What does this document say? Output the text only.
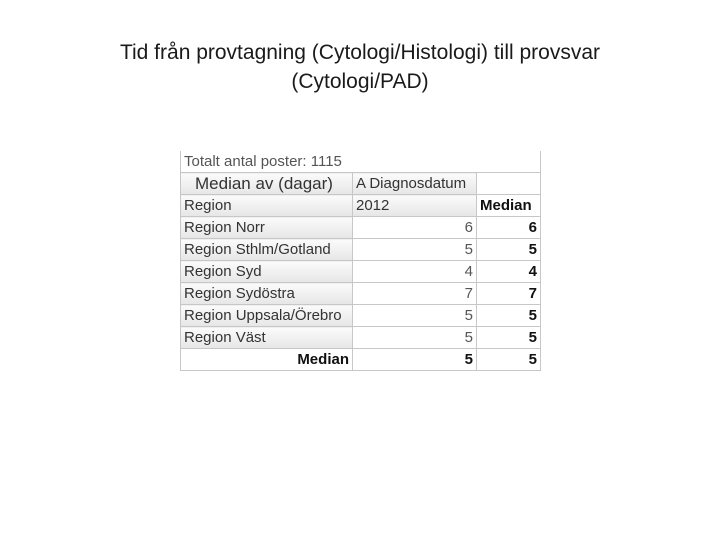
Tid från provtagning (Cytologi/Histologi) till provsvar
(Cytologi/PAD)
Totalt antal poster: 1115		
Median av (dagar)	A Diagnosdatum	
Region	2012	Median
Region Norr	6	6
Region Sthlm/Gotland	5	5
Region Syd	4	4
Region Sydöstra	7	7
Region Uppsala/Örebro	5	5
Region Väst	5	5
Median	5	5
